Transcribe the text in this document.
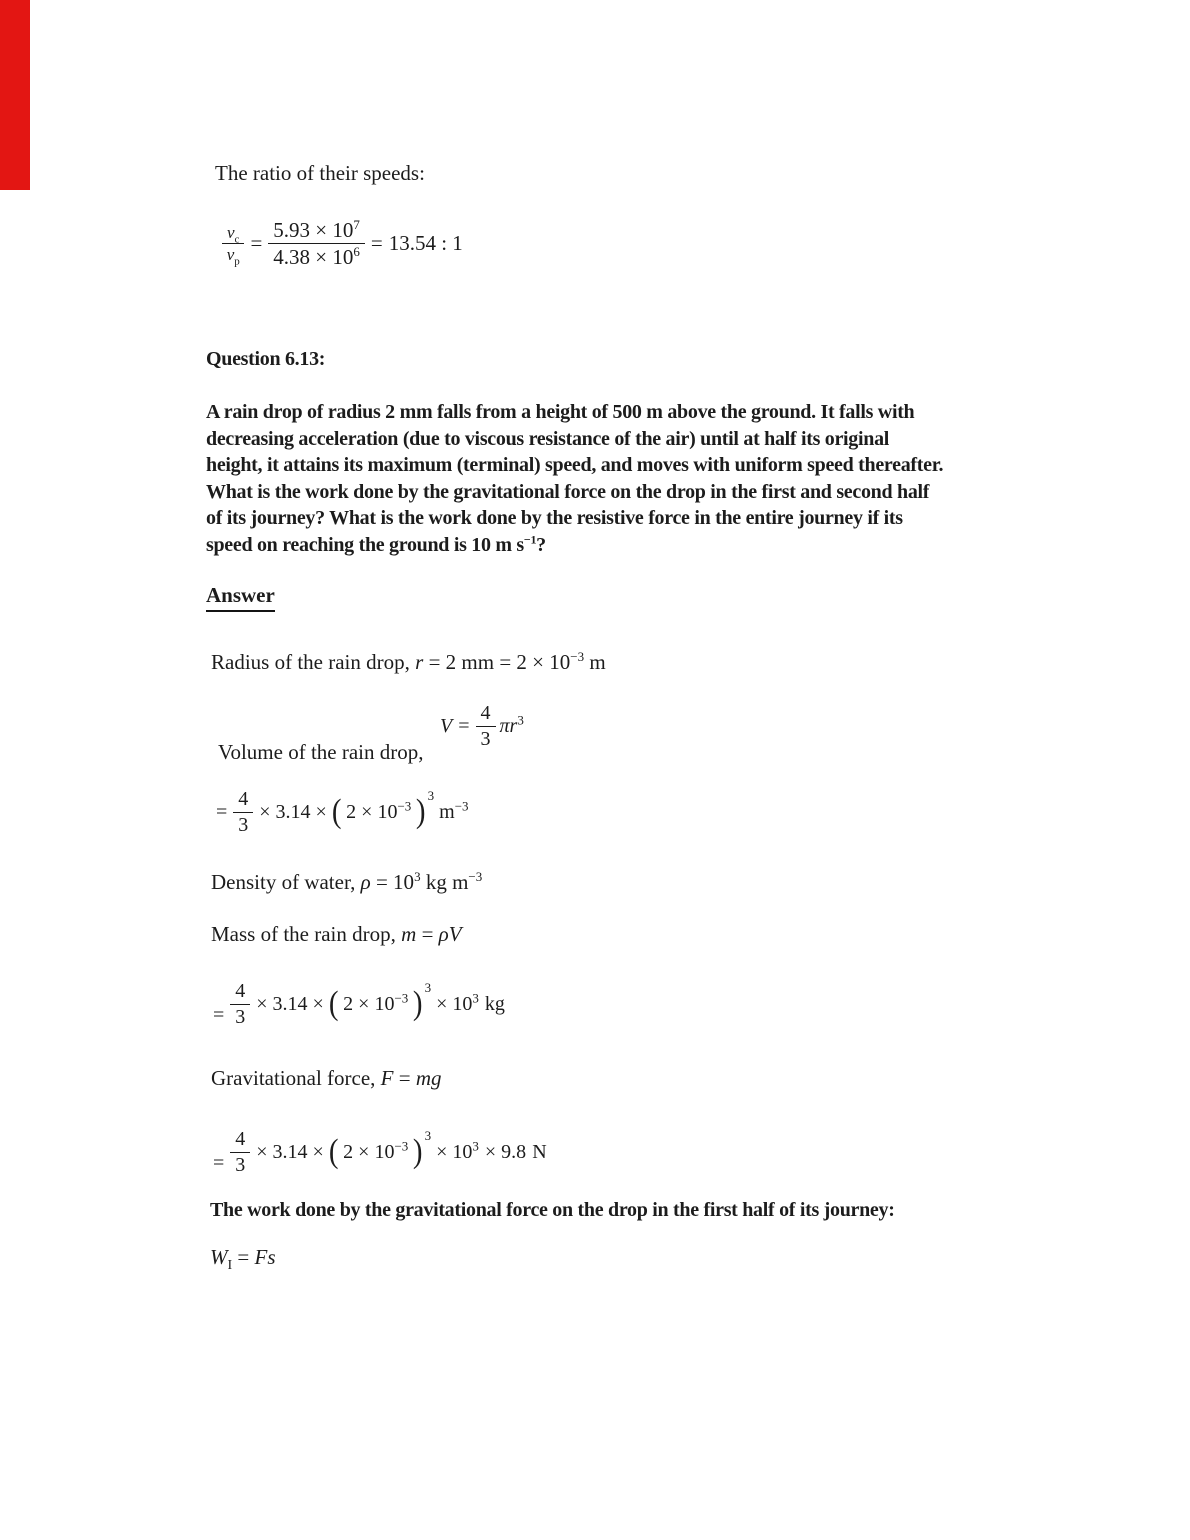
The ratio of their speeds:
$\frac{v_c}{v_p} = \frac{5.93 \times 10^7}{4.38 \times 10^6} = 13.54$ : 1
Question 6.13:
A rain drop of radius 2 mm falls from a height of 500 m above the ground. It falls with
decreasing acceleration (due to viscous resistance of the air) until at half its original
height, it attains its maximum (terminal) speed, and moves with uniform speed thereafter.
What is the work done by the gravitational force on the drop in the first and second half
of its journey? What is the work done by the resistive force in the entire journey if its
speed on reaching the ground is 10 m $s^{-1}$?
Answer
Radius of the rain drop, r = 2 mm = $2 \times 10^{-3}$ m
Volume of the rain drop,
$V = \frac{4}{3} \pi r^3$
= $\frac{4}{3} \times 3.14$ × ( $2 \times 10^{-3}$ ) 3
$m^{-3}$
Density of water, $\rho = 10^3$ kg $m^{-3}$
Mass of the rain drop, m = ρV
= $\frac{4}{3} \times 3.14$ × ( $2 \times 10^{-3}$ ) 3
× $10^3$ kg
Gravitational force, F = mg
= $\frac{4}{3} \times 3.14$ × ( $2 \times 10^{-3}$ ) 3
× $10^3 \times 9.8$ N
The work done by the gravitational force on the drop in the first half of its journey:
$W_I = Fs$
